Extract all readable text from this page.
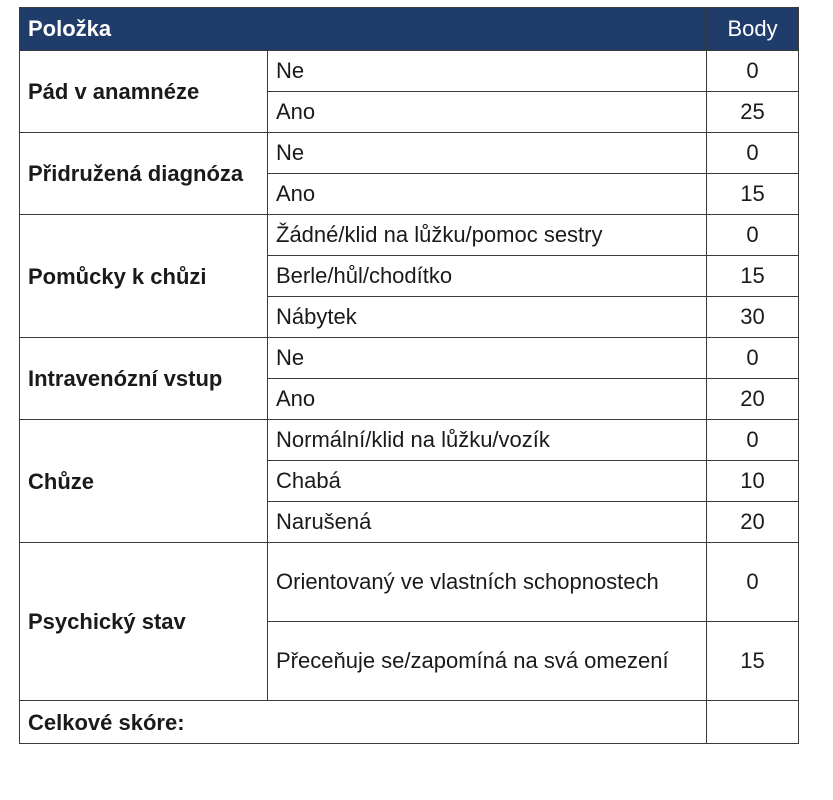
Položka		Body
Pád v anamnéze	Ne	0
	Ano	25
Přidružená diagnóza	Ne	0
	Ano	15
Pomůcky k chůzi	Žádné/klid na lůžku/pomoc sestry	0
	Berle/hůl/chodítko	15
	Nábytek	30
Intravenózní vstup	Ne	0
	Ano	20
Chůze	Normální/klid na lůžku/vozík	0
	Chabá	10
	Narušená	20
Psychický stav	Orientovaný ve vlastních schopnostech	0
	Přeceňuje se/zapomíná na svá omezení	15
Celkové skóre:		
